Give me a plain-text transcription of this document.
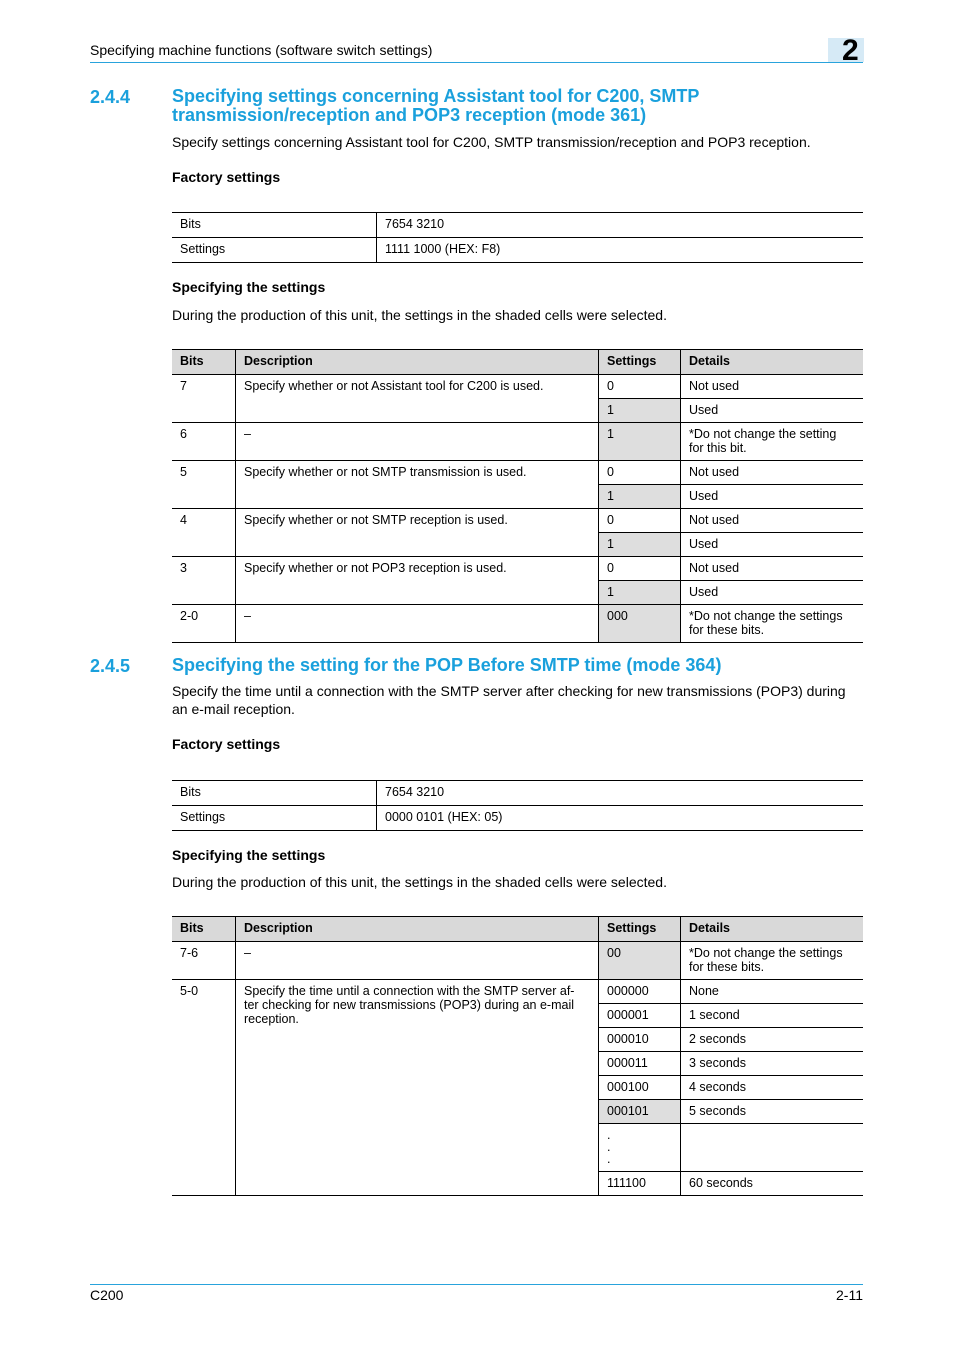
Specifying machine functions (software switch settings)	2
2.4.4 Specifying settings concerning Assistant tool for C200, SMTP
transmission/reception and POP3 reception (mode 361)
Specify settings concerning Assistant tool for C200, SMTP transmission/reception and POP3 reception.
Factory settings
Bits	7654 3210
Settings	1111 1000 (HEX: F8)
Specifying the settings
During the production of this unit, the settings in the shaded cells were selected.
Bits	Description	Settings	Details
7	Specify whether or not Assistant tool for C200 is used.	0	Not used
		1	Used
6	–	1	*Do not change the setting
for this bit.

5	Specify whether or not SMTP transmission is used.	0	Not used
		1	Used
4	Specify whether or not SMTP reception is used.	0	Not used
		1	Used
3	Specify whether or not POP3 reception is used.	0	Not used
		1	Used
2-0	–	000	*Do not change the settings
for these bits.
2.4.5 Specifying the setting for the POP Before SMTP time (mode 364)
Specify the time until a connection with the SMTP server after checking for new transmissions (POP3) during
an e-mail reception.
Factory settings
Bits	7654 3210
Settings	0000 0101 (HEX: 05)
Specifying the settings
During the production of this unit, the settings in the shaded cells were selected.
Bits	Description	Settings	Details
7-6	–	00	*Do not change the settings
for these bits.

5-0	Specify the time until a connection with the SMTP server af-
ter checking for new transmissions (POP3) during an e-mail
reception.	000000	None
		000001	1 second
		000010	2 seconds
		000011	3 seconds
		000100	4 seconds
		000101	5 seconds

		.
.
.	

		111100	60 seconds
C200	2-11
